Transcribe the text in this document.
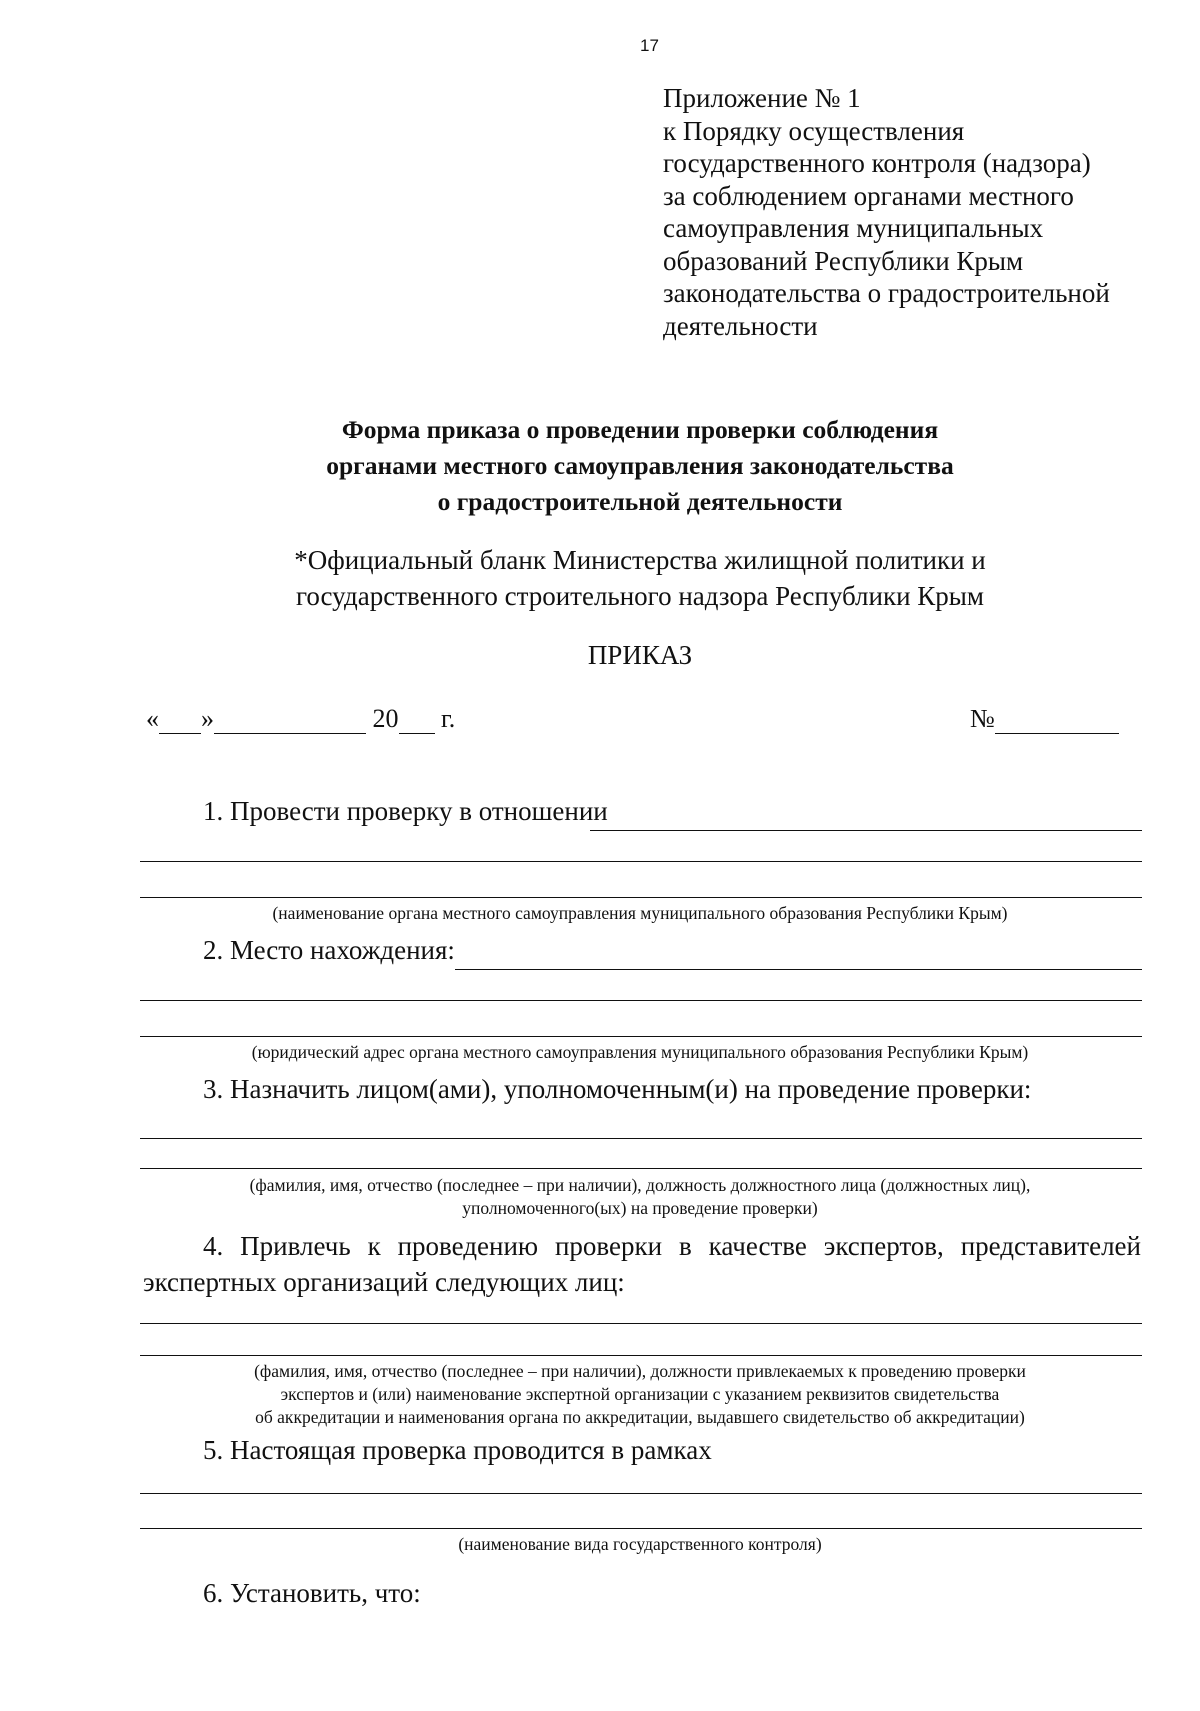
17
Приложение № 1
к Порядку осуществления
государственного контроля (надзора)
за соблюдением органами местного
самоуправления муниципальных
образований Республики Крым
законодательства о градостроительной
деятельности
Форма приказа о проведении проверки соблюдения
органами местного самоуправления законодательства
о градостроительной деятельности
*Официальный бланк Министерства жилищной политики и
государственного строительного надзора Республики Крым
ПРИКАЗ
« »	20 г.	№
1. Провести проверку в отношении
(наименование органа местного самоуправления муниципального образования Республики Крым)
2. Место нахождения:
(юридический адрес органа местного самоуправления муниципального образования Республики Крым)
3. Назначить лицом(ами), уполномоченным(и) на проведение проверки:
(фамилия, имя, отчество (последнее – при наличии), должность должностного лица (должностных лиц),
уполномоченного(ых) на проведение проверки)
4. Привлечь к проведению проверки в качестве экспертов, представителей экспертных организаций следующих лиц:
(фамилия, имя, отчество (последнее – при наличии), должности привлекаемых к проведению проверки
экспертов и (или) наименование экспертной организации с указанием реквизитов свидетельства
об аккредитации и наименования органа по аккредитации, выдавшего свидетельство об аккредитации)
5. Настоящая проверка проводится в рамках
(наименование вида государственного контроля)
6. Установить, что:
